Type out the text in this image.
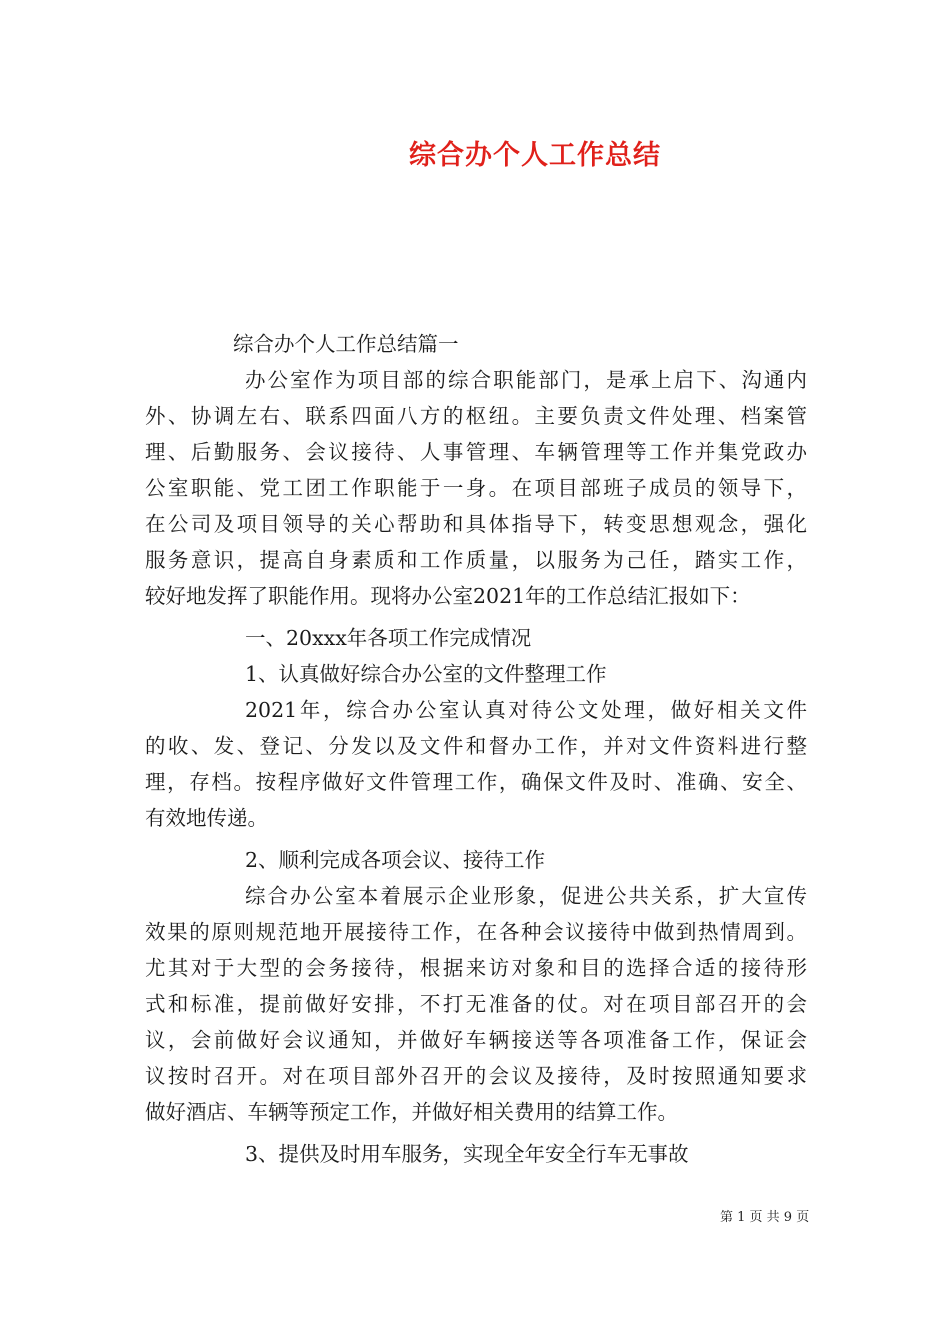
综合办个人工作总结
综合办个人工作总结篇一
办公室作为项目部的综合职能部门，是承上启下、沟通内
外、协调左右、联系四面八方的枢纽。主要负责文件处理、档案管
理、后勤服务、会议接待、人事管理、车辆管理等工作并集党政办
公室职能、党工团工作职能于一身。在项目部班子成员的领导下，
在公司及项目领导的关心帮助和具体指导下，转变思想观念，强化
服务意识，提高自身素质和工作质量，以服务为己任，踏实工作，
较好地发挥了职能作用。现将办公室2021年的工作总结汇报如下：
一、20xxx年各项工作完成情况
1、认真做好综合办公室的文件整理工作
2021年，综合办公室认真对待公文处理，做好相关文件
的收、发、登记、分发以及文件和督办工作，并对文件资料进行整
理，存档。按程序做好文件管理工作，确保文件及时、准确、安全、
有效地传递。
2、顺利完成各项会议、接待工作
综合办公室本着展示企业形象，促进公共关系，扩大宣传
效果的原则规范地开展接待工作，在各种会议接待中做到热情周到。
尤其对于大型的会务接待，根据来访对象和目的选择合适的接待形
式和标准，提前做好安排，不打无准备的仗。对在项目部召开的会
议，会前做好会议通知，并做好车辆接送等各项准备工作，保证会
议按时召开。对在项目部外召开的会议及接待，及时按照通知要求
做好酒店、车辆等预定工作，并做好相关费用的结算工作。
3、提供及时用车服务，实现全年安全行车无事故
第 1 页 共 9 页
